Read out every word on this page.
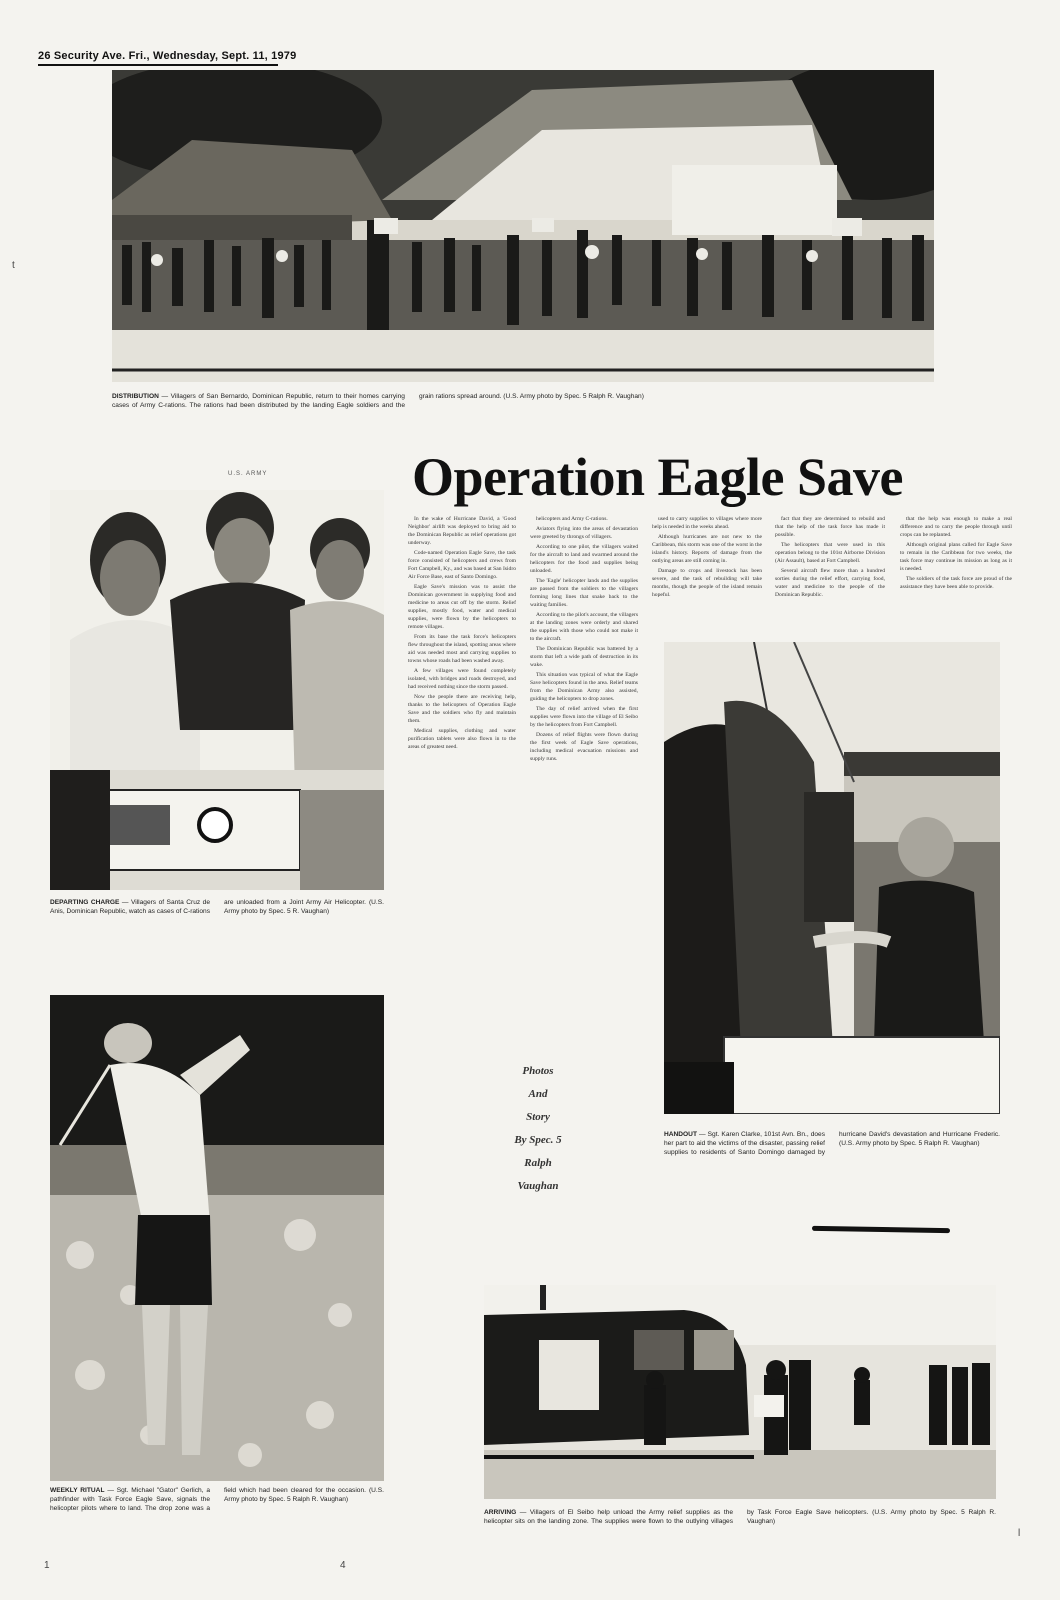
26 Security Ave. Fri., Wednesday, Sept. 11, 1979
DISTRIBUTION — Villagers of San Bernardo, Dominican Republic, return to their homes carrying cases of Army C-rations. The rations had been distributed by the landing Eagle soldiers and the grain rations spread around. (U.S. Army photo by Spec. 5 Ralph R. Vaughan)
U.S. ARMY	Operation Eagle Save
DEPARTING CHARGE — Villagers of Santa Cruz de Anis, Dominican Republic, watch as cases of C-rations are unloaded from a Joint Army Air Helicopter. (U.S. Army photo by Spec. 5 R. Vaughan)

In the wake of Hurricane David, a 'Good Neighbor' airlift was deployed to bring aid to the Dominican Republic as relief operations got underway.

Code-named Operation Eagle Save, the task force consisted of helicopters and crews from Fort Campbell, Ky., and was based at San Isidro Air Force Base, east of Santo Domingo.

Eagle Save's mission was to assist the Dominican government in supplying food and medicine to areas cut off by the storm. Relief supplies, mostly food, water and medical supplies, were flown by the helicopters to remote villages.

From its base the task force's helicopters flew throughout the island, spotting areas where aid was needed most and carrying supplies to towns whose roads had been washed away.

A few villages were found completely isolated, with bridges and roads destroyed, and had received nothing since the storm passed.

Now the people there are receiving help, thanks to the helicopters of Operation Eagle Save and the soldiers who fly and maintain them.

Medical supplies, clothing and water purification tablets were also flown in to the areas of greatest need.

helicopters and Army C-rations.

Aviators flying into the areas of devastation were greeted by throngs of villagers.

According to one pilot, the villagers waited for the aircraft to land and swarmed around the helicopters for the food and supplies being unloaded.

The 'Eagle' helicopter lands and the supplies are passed from the soldiers to the villagers forming long lines that snake back to the waiting families.

According to the pilot's account, the villagers at the landing zones were orderly and shared the supplies with those who could not make it to the aircraft.

The Dominican Republic was battered by a storm that left a wide path of destruction in its wake.

This situation was typical of what the Eagle Save helicopters found in the area. Relief teams from the Dominican Army also assisted, guiding the helicopters to drop zones.

The day of relief arrived when the first supplies were flown into the village of El Seibo by the helicopters from Fort Campbell.

Dozens of relief flights were flown during the first week of Eagle Save operations, including medical evacuation missions and supply runs.

used to carry supplies to villages where more help is needed in the weeks ahead.

Although hurricanes are not new to the Caribbean, this storm was one of the worst in the island's history. Reports of damage from the outlying areas are still coming in.

Damage to crops and livestock has been severe, and the task of rebuilding will take months, though the people of the island remain hopeful.

fact that they are determined to rebuild and that the help of the task force has made it possible.

The helicopters that were used in this operation belong to the 101st Airborne Division (Air Assault), based at Fort Campbell.

Several aircraft flew more than a hundred sorties during the relief effort, carrying food, water and medicine to the people of the Dominican Republic.

that the help was enough to make a real difference and to carry the people through until crops can be replanted.

Although original plans called for Eagle Save to remain in the Caribbean for two weeks, the task force may continue its mission as long as it is needed.

The soldiers of the task force are proud of the assistance they have been able to provide.

HANDOUT — Sgt. Karen Clarke, 101st Avn. Bn., does her part to aid the victims of the disaster, passing relief supplies to residents of Santo Domingo damaged by hurricane David's devastation and Hurricane Frederic. (U.S. Army photo by Spec. 5 Ralph R. Vaughan)
Photos
And
Story
By Spec. 5
Ralph
Vaughan
WEEKLY RITUAL — Sgt. Michael "Gator" Gerlich, a pathfinder with Task Force Eagle Save, signals the helicopter pilots where to land. The drop zone was a field which had been cleared for the occasion. (U.S. Army photo by Spec. 5 Ralph R. Vaughan)
ARRIVING — Villagers of El Seibo help unload the Army relief supplies as the helicopter sits on the landing zone. The supplies were flown to the outlying villages by Task Force Eagle Save helicopters. (U.S. Army photo by Spec. 5 Ralph R. Vaughan)
1	4
t
l
